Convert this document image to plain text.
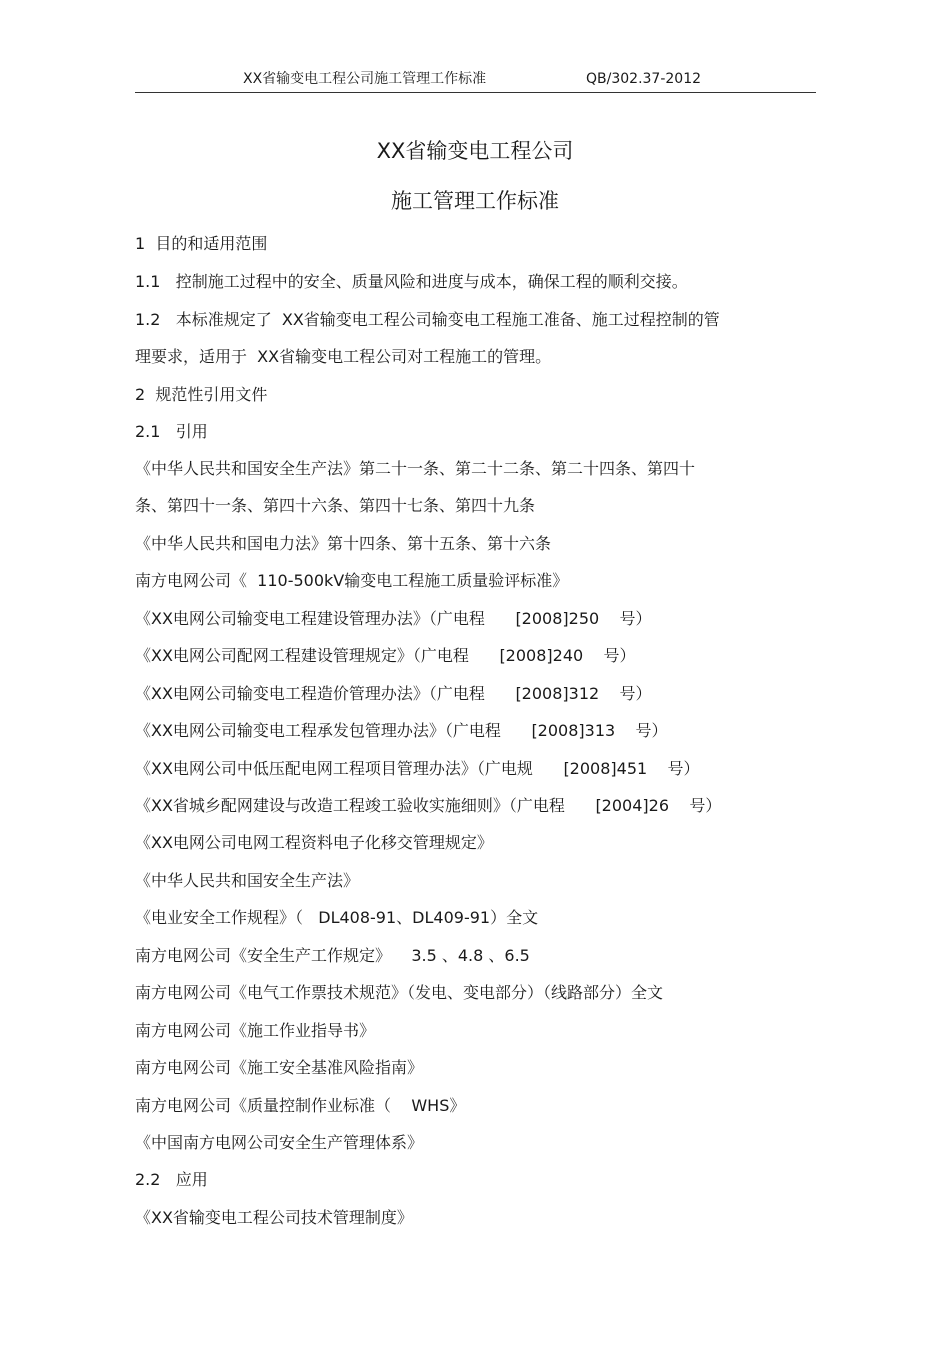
XX省输变电工程公司施工管理工作标准	QB/302.37-2012
XX省输变电工程公司
施工管理工作标准
1  目的和适用范围
1.1   控制施工过程中的安全、质量风险和进度与成本，确保工程的顺利交接。
1.2   本标准规定了  XX省输变电工程公司输变电工程施工准备、施工过程控制的管
理要求，适用于  XX省输变电工程公司对工程施工的管理。
2  规范性引用文件
2.1   引用
《中华人民共和国安全生产法》第二十一条、第二十二条、第二十四条、第四十
条、第四十一条、第四十六条、第四十七条、第四十九条
《中华人民共和国电力法》第十四条、第十五条、第十六条
南方电网公司《  110-500kV输变电工程施工质量验评标准》
《XX电网公司输变电工程建设管理办法》（广电程      [2008]250    号）
《XX电网公司配网工程建设管理规定》（广电程      [2008]240    号）
《XX电网公司输变电工程造价管理办法》（广电程      [2008]312    号）
《XX电网公司输变电工程承发包管理办法》（广电程      [2008]313    号）
《XX电网公司中低压配电网工程项目管理办法》（广电规      [2008]451    号）
《XX省城乡配网建设与改造工程竣工验收实施细则》（广电程      [2004]26    号）
《XX电网公司电网工程资料电子化移交管理规定》
《中华人民共和国安全生产法》
《电业安全工作规程》（   DL408-91、DL409-91）全文
南方电网公司《安全生产工作规定》    3.5 、4.8 、6.5
南方电网公司《电气工作票技术规范》（发电、变电部分）（线路部分）全文
南方电网公司《施工作业指导书》
南方电网公司《施工安全基准风险指南》
南方电网公司《质量控制作业标准（    WHS》
《中国南方电网公司安全生产管理体系》
2.2   应用
《XX省输变电工程公司技术管理制度》
